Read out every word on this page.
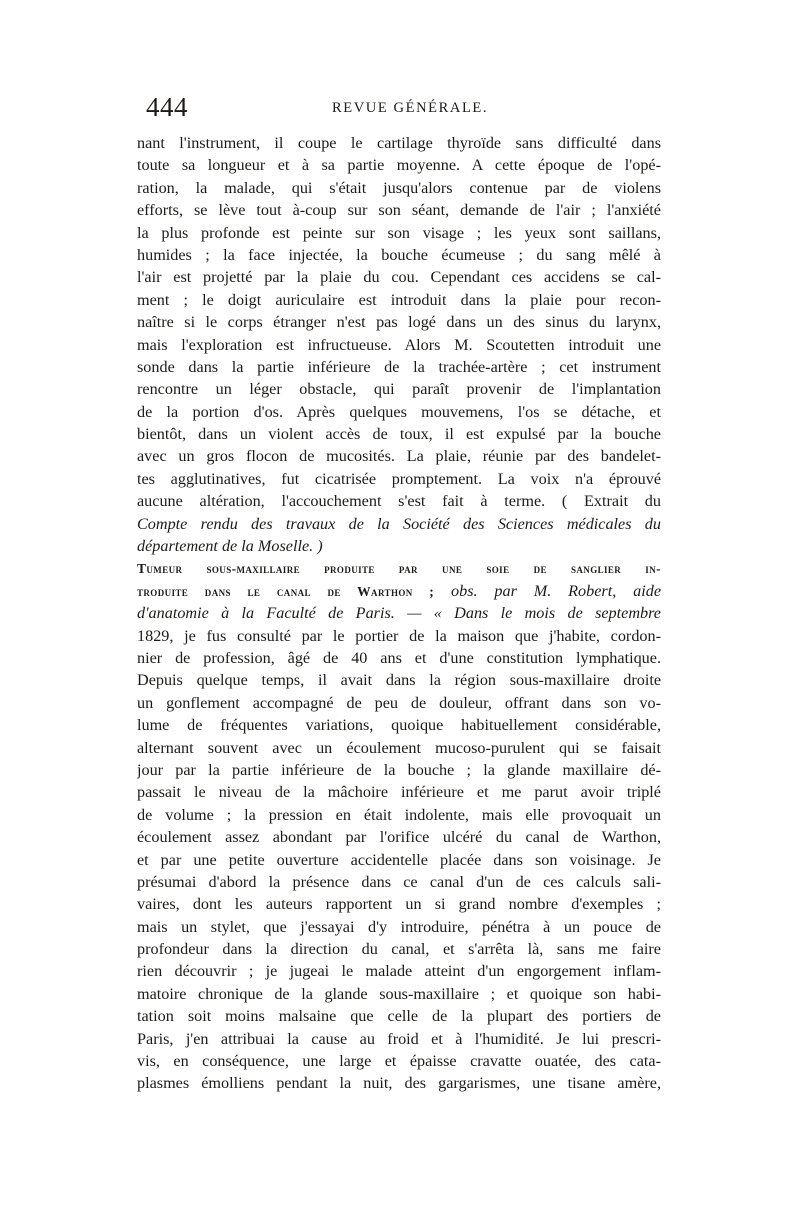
444	REVUE GÉNÉRALE.
nant l'instrument, il coupe le cartilage thyroïde sans difficulté dans
toute sa longueur et à sa partie moyenne. A cette époque de l'opé-
ration, la malade, qui s'était jusqu'alors contenue par de violens
efforts, se lève tout à-coup sur son séant, demande de l'air ; l'anxiété
la plus profonde est peinte sur son visage ; les yeux sont saillans,
humides ; la face injectée, la bouche écumeuse ; du sang mêlé à
l'air est projetté par la plaie du cou. Cependant ces accidens se cal-
ment ; le doigt auriculaire est introduit dans la plaie pour recon-
naître si le corps étranger n'est pas logé dans un des sinus du larynx,
mais l'exploration est infructueuse. Alors M. Scoutetten introduit une
sonde dans la partie inférieure de la trachée-artère ; cet instrument
rencontre un léger obstacle, qui paraît provenir de l'implantation
de la portion d'os. Après quelques mouvemens, l'os se détache, et
bientôt, dans un violent accès de toux, il est expulsé par la bouche
avec un gros flocon de mucosités. La plaie, réunie par des bandelet-
tes agglutinatives, fut cicatrisée promptement. La voix n'a éprouvé
aucune altération, l'accouchement s'est fait à terme. ( Extrait du
Compte rendu des travaux de la Société des Sciences médicales du
département de la Moselle. )
Tumeur sous-maxillaire produite par une soie de sanglier in-
troduite dans le canal de Warthon ; obs. par M. Robert, aide
d'anatomie à la Faculté de Paris. — « Dans le mois de septembre
1829, je fus consulté par le portier de la maison que j'habite, cordon-
nier de profession, âgé de 40 ans et d'une constitution lymphatique.
Depuis quelque temps, il avait dans la région sous-maxillaire droite
un gonflement accompagné de peu de douleur, offrant dans son vo-
lume de fréquentes variations, quoique habituellement considérable,
alternant souvent avec un écoulement mucoso-purulent qui se faisait
jour par la partie inférieure de la bouche ; la glande maxillaire dé-
passait le niveau de la mâchoire inférieure et me parut avoir triplé
de volume ; la pression en était indolente, mais elle provoquait un
écoulement assez abondant par l'orifice ulcéré du canal de Warthon,
et par une petite ouverture accidentelle placée dans son voisinage. Je
présumai d'abord la présence dans ce canal d'un de ces calculs sali-
vaires, dont les auteurs rapportent un si grand nombre d'exemples ;
mais un stylet, que j'essayai d'y introduire, pénétra à un pouce de
profondeur dans la direction du canal, et s'arrêta là, sans me faire
rien découvrir ; je jugeai le malade atteint d'un engorgement inflam-
matoire chronique de la glande sous-maxillaire ; et quoique son habi-
tation soit moins malsaine que celle de la plupart des portiers de
Paris, j'en attribuai la cause au froid et à l'humidité. Je lui prescri-
vis, en conséquence, une large et épaisse cravatte ouatée, des cata-
plasmes émolliens pendant la nuit, des gargarismes, une tisane amère,
